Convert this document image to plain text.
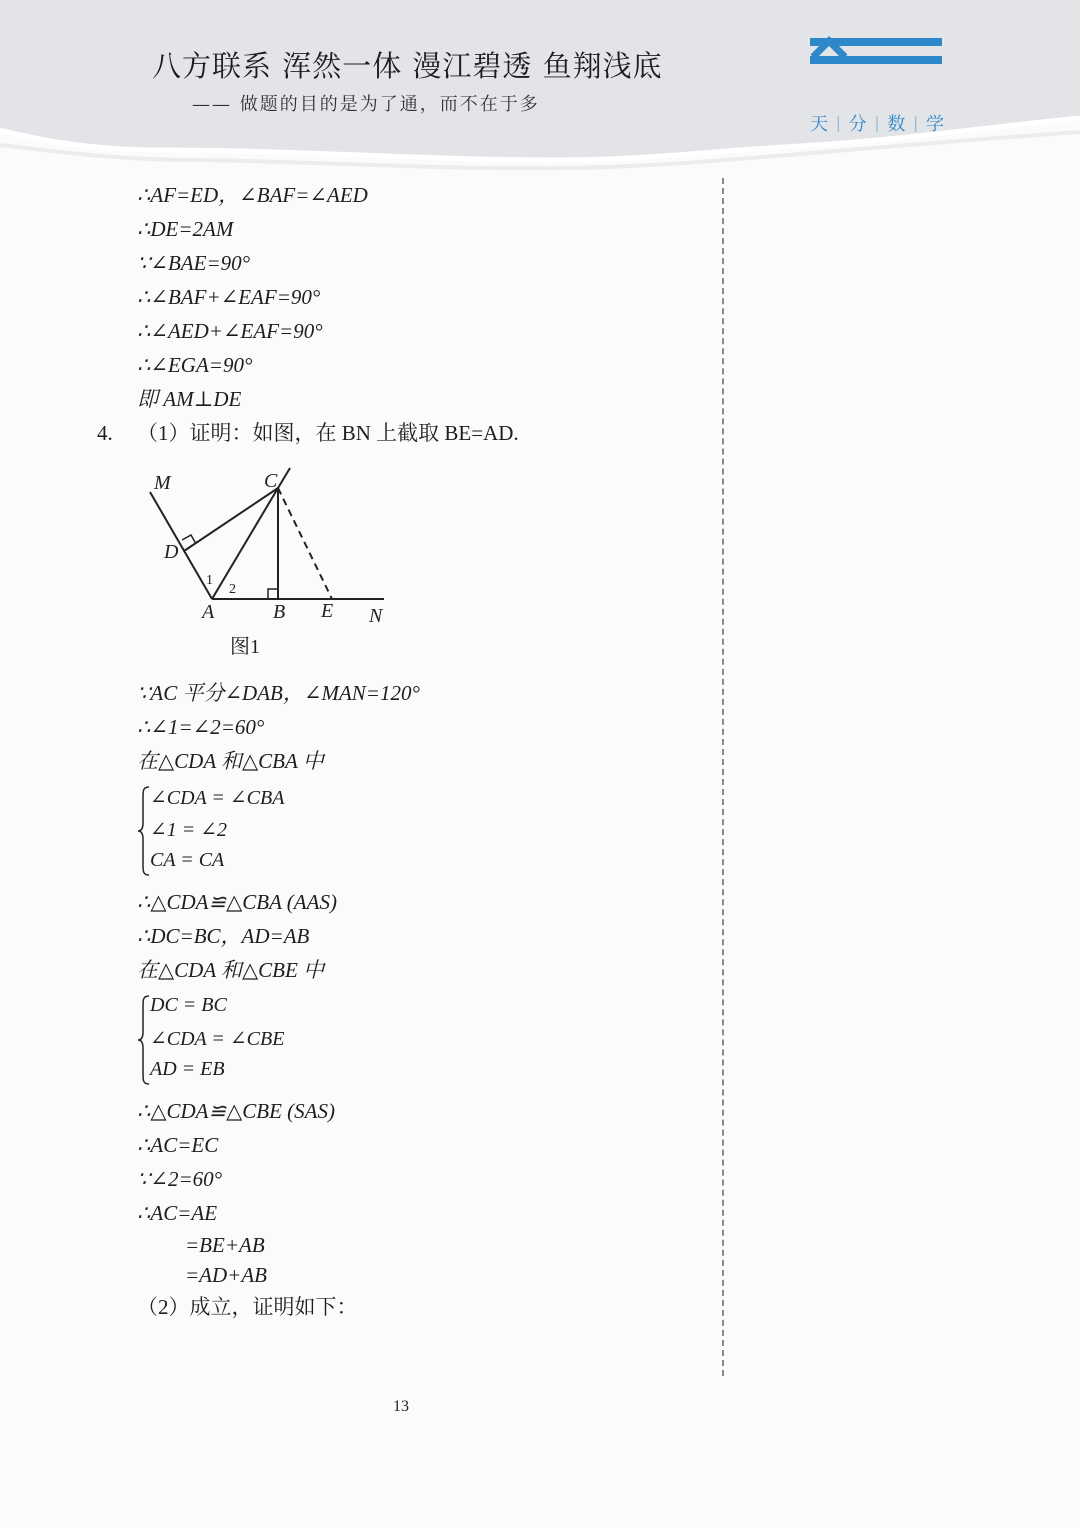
八方联系 浑然一体 漫江碧透 鱼翔浅底
—— 做题的目的是为了通，而不在于多
天 | 分 | 数 | 学
∴AF=ED，∠BAF=∠AED
∴DE=2AM
∵∠BAE=90°
∴∠BAF+∠EAF=90°
∴∠AED+∠EAF=90°
∴∠EGA=90°
即 AM⊥DE
4. （1）证明：如图，在 BN 上截取 BE=AD.
M	C
D
A	B E N
1
2
图1
∵AC 平分∠DAB，∠MAN=120°
∴∠1=∠2=60°
在△CDA 和△CBA 中
∠CDA = ∠CBA
∠1 = ∠2
CA = CA
∴△CDA≌△CBA (AAS)
∴DC=BC，AD=AB
在△CDA 和△CBE 中
DC = BC
∠CDA = ∠CBE
AD = EB
∴△CDA≌△CBE (SAS)
∴AC=EC
∵∠2=60°
∴AC=AE
=BE+AB
=AD+AB
（2）成立，证明如下：
13
